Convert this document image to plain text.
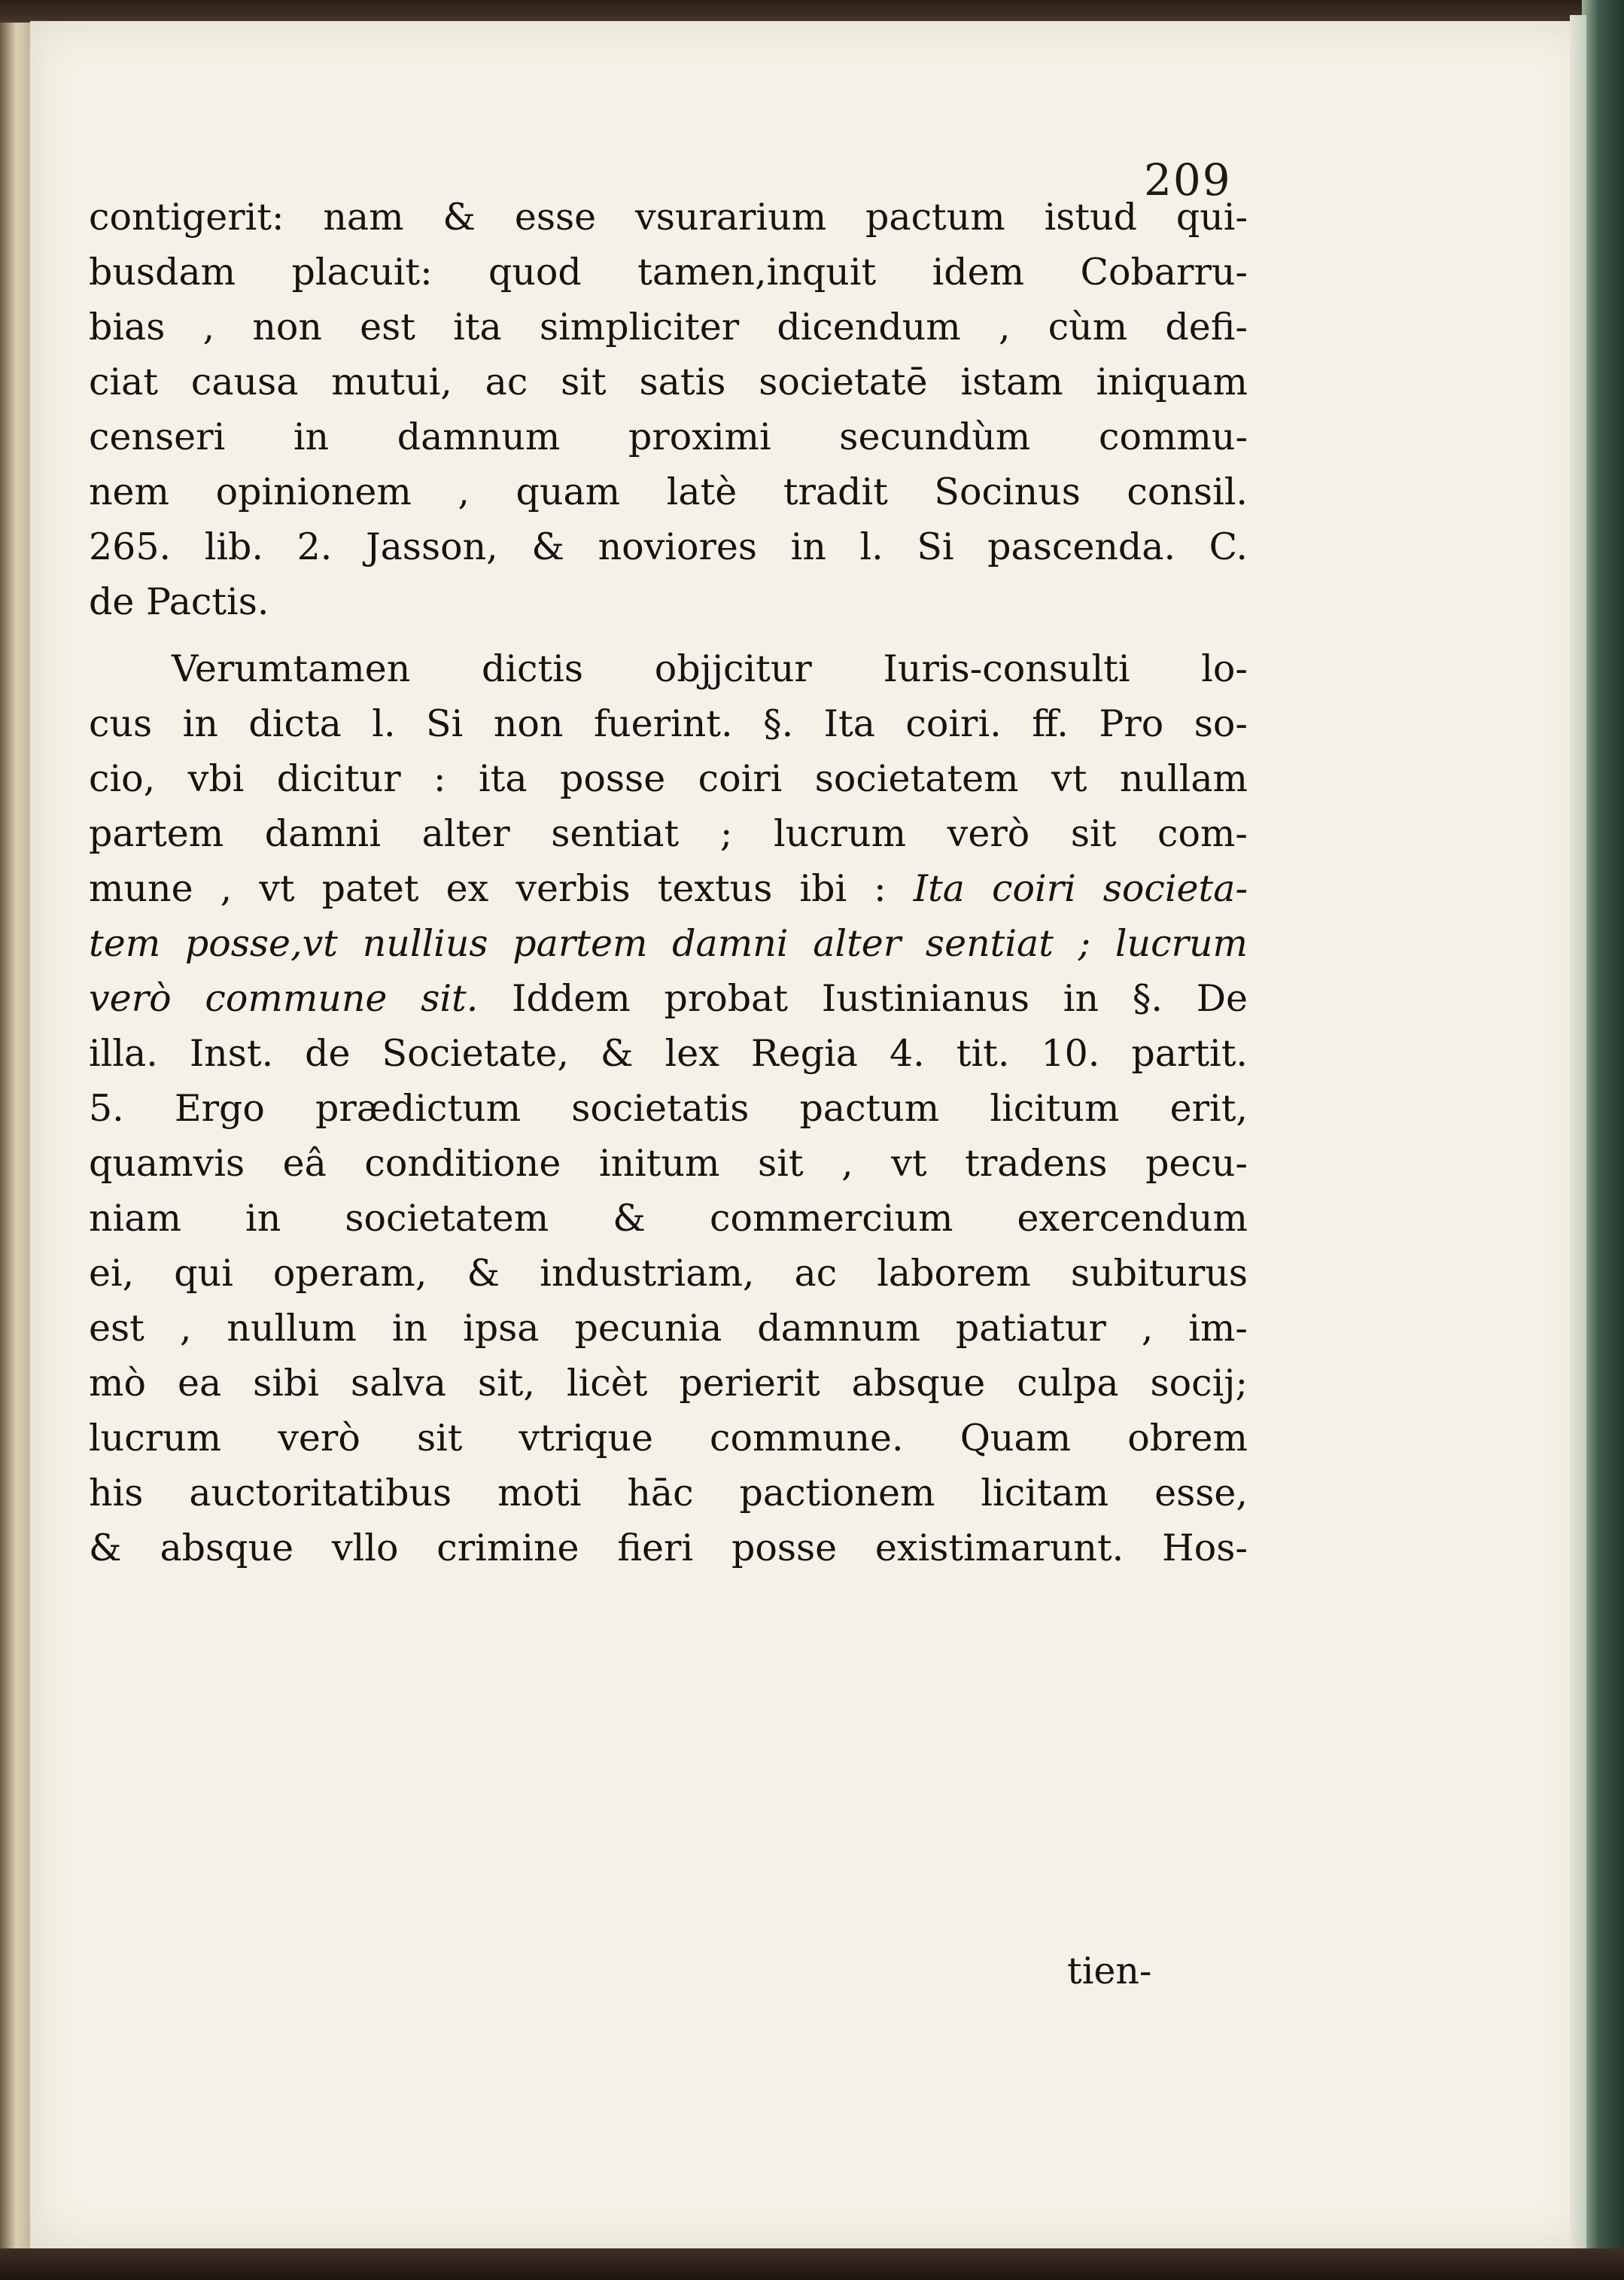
209
contigerit: nam & esse vsurarium pactum istud qui-
busdam placuit: quod tamen,inquit idem Cobarru-
bias , non est ita simpliciter dicendum , cùm defi-
ciat causa mutui, ac sit satis societatē istam iniquam
censeri in damnum proximi secundùm commu-
nem opinionem , quam latè tradit Socinus consil.
265. lib. 2. Jasson, & noviores in l. Si pascenda. C.
de Pactis.
Verumtamen dictis objjcitur Iuris-consulti lo-
cus in dicta l. Si non fuerint. §. Ita coiri. ff. Pro so-
cio, vbi dicitur : ita posse coiri societatem vt nullam
partem damni alter sentiat ; lucrum verò sit com-
mune , vt patet ex verbis textus ibi : Ita coiri societa-
tem posse,vt nullius partem damni alter sentiat ; lucrum
verò commune sit. Iddem probat Iustinianus in §. De
illa. Inst. de Societate, & lex Regia 4. tit. 10. partit.
5. Ergo prædictum societatis pactum licitum erit,
quamvis eâ conditione initum sit , vt tradens pecu-
niam in societatem & commercium exercendum
ei, qui operam, & industriam, ac laborem subiturus
est , nullum in ipsa pecunia damnum patiatur , im-
mò ea sibi salva sit, licèt perierit absque culpa socij;
lucrum verò sit vtrique commune. Quam obrem
his auctoritatibus moti hāc pactionem licitam esse,
& absque vllo crimine fieri posse existimarunt. Hos-
tien-
